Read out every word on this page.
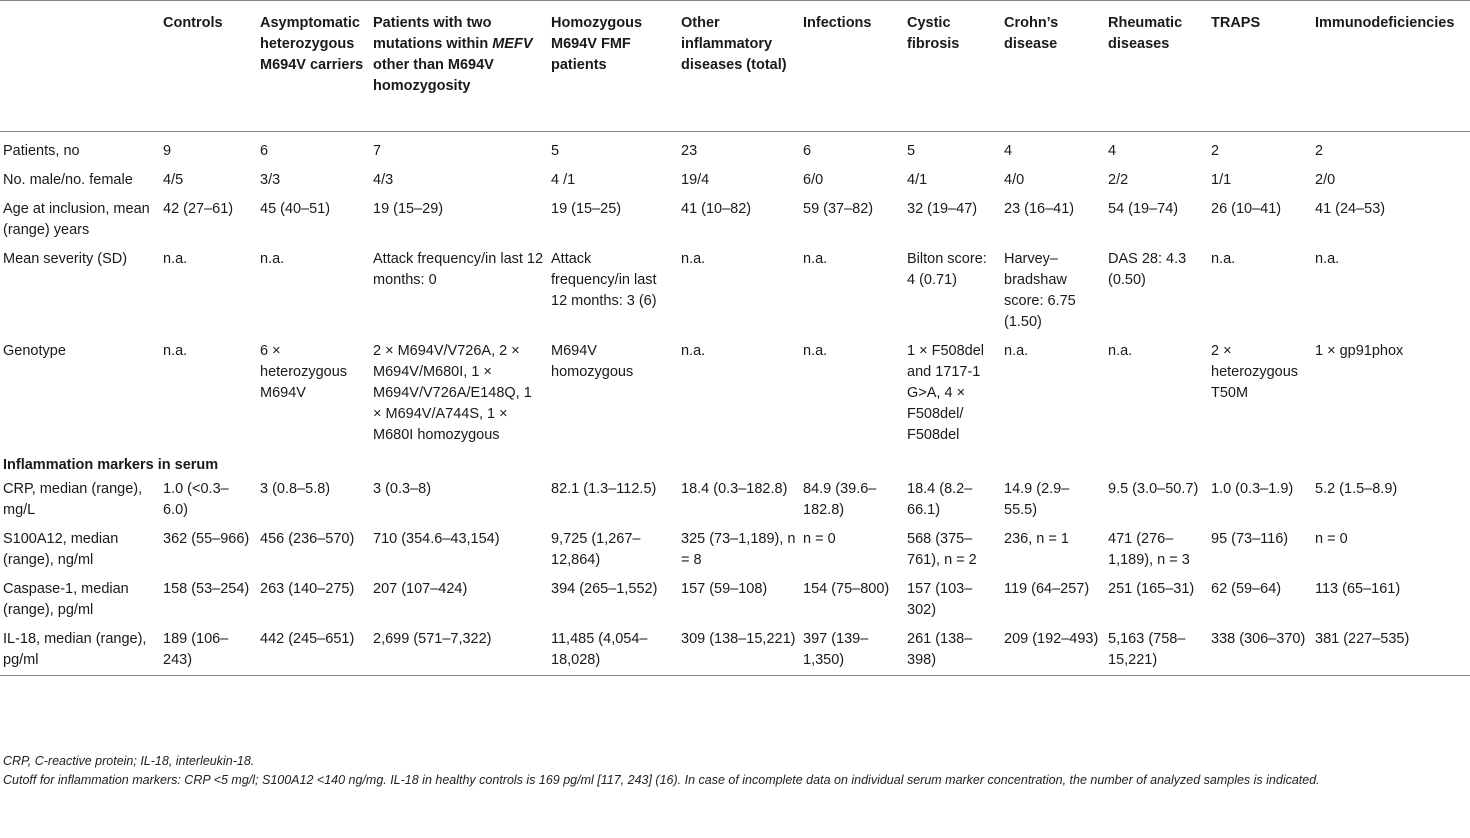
	Controls	Asymptomatic heterozygous M694V carriers	Patients with two mutations within MEFV other than M694V homozygosity	Homozygous M694V FMF patients	Other inflammatory diseases (total)	Infections	Cystic fibrosis	Crohn’s disease	Rheumatic diseases	TRAPS	Immunodeficiencies
Patients, no	9	6	7	5	23	6	5	4	4	2	2
No. male/no. female	4/5	3/3	4/3	4 /1	19/4	6/0	4/1	4/0	2/2	1/1	2/0
Age at inclusion, mean (range) years	42 (27–61)	45 (40–51)	19 (15–29)	19 (15–25)	41 (10–82)	59 (37–82)	32 (19–47)	23 (16–41)	54 (19–74)	26 (10–41)	41 (24–53)
Mean severity (SD)	n.a.	n.a.	Attack frequency/in last 12 months: 0	Attack frequency/in last 12 months: 3 (6)	n.a.	n.a.	Bilton score: 4 (0.71)	Harvey–bradshaw score: 6.75 (1.50)	DAS 28: 4.3 (0.50)	n.a.	n.a.
Genotype	n.a.	6 × heterozygous M694V	2 × M694V/V726A, 2 × M694V/M680I, 1 × M694V/V726A/E148Q, 1 × M694V/A744S, 1 × M680I homozygous	M694V homozygous	n.a.	n.a.	1 × F508del and 1717-1 G>A, 4 × F508del/ F508del	n.a.	n.a.	2 × heterozygous T50M	1 × gp91phox
Inflammation markers in serum											
CRP, median (range), mg/L	1.0 (<0.3–6.0)	3 (0.8–5.8)	3 (0.3–8)	82.1 (1.3–112.5)	18.4 (0.3–182.8)	84.9 (39.6–182.8)	18.4 (8.2–66.1)	14.9 (2.9–55.5)	9.5 (3.0–50.7)	1.0 (0.3–1.9)	5.2 (1.5–8.9)
S100A12, median (range), ng/ml	362 (55–966)	456 (236–570)	710 (354.6–43,154)	9,725 (1,267–12,864)	325 (73–1,189), n = 8	n = 0	568 (375–761), n = 2	236, n = 1	471 (276–1,189), n = 3	95 (73–116)	n = 0
Caspase-1, median (range), pg/ml	158 (53–254)	263 (140–275)	207 (107–424)	394 (265–1,552)	157 (59–108)	154 (75–800)	157 (103–302)	119 (64–257)	251 (165–31)	62 (59–64)	113 (65–161)
IL-18, median (range), pg/ml	189 (106–243)	442 (245–651)	2,699 (571–7,322)	11,485 (4,054–18,028)	309 (138–15,221)	397 (139–1,350)	261 (138–398)	209 (192–493)	5,163 (758–15,221)	338 (306–370)	381 (227–535)

CRP, C-reactive protein; IL-18, interleukin-18.

Cutoff for inflammation markers: CRP <5 mg/l; S100A12 <140 ng/mg. IL-18 in healthy controls is 169 pg/ml [117, 243] (16). In case of incomplete data on individual serum marker concentration, the number of analyzed samples is indicated.
